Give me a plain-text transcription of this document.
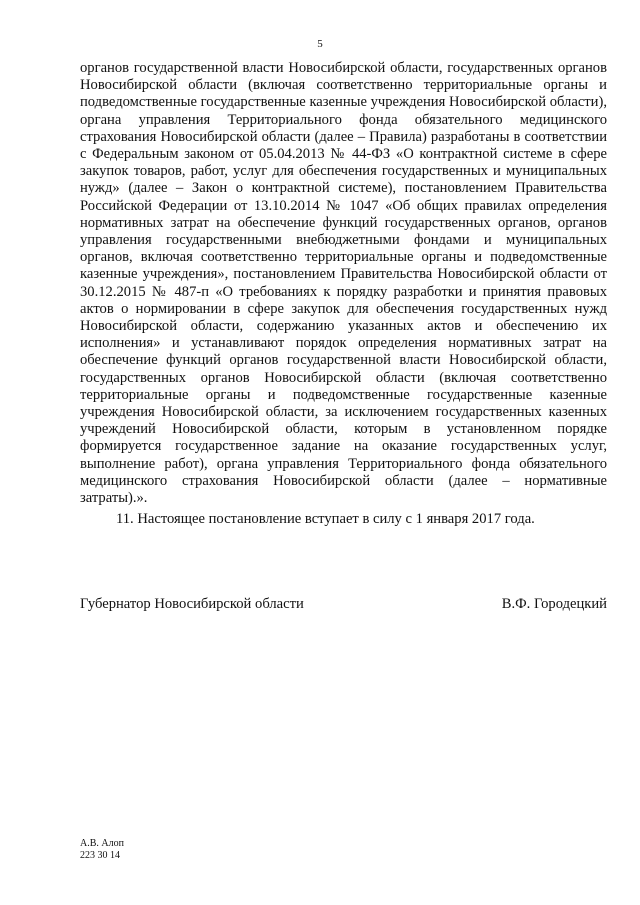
5

органов государственной власти Новосибирской области, государственных органов Новосибирской области (включая соответственно территориальные органы и подведомственные государственные казенные учреждения Новосибирской области), органа управления Территориального фонда обязательного медицинского страхования Новосибирской области (далее – Правила) разработаны в соответствии с Федеральным законом от 05.04.2013 № 44-ФЗ «О контрактной системе в сфере закупок товаров, работ, услуг для обеспечения государственных и муниципальных нужд» (далее – Закон о контрактной системе), постановлением Правительства Российской Федерации от 13.10.2014 № 1047 «Об общих правилах определения нормативных затрат на обеспечение функций государственных органов, органов управления государственными внебюджетными фондами и муниципальных органов, включая соответственно территориальные органы и подведомственные казенные учреждения», постановлением Правительства Новосибирской области от 30.12.2015 № 487-п «О требованиях к порядку разработки и принятия правовых актов о нормировании в сфере закупок для обеспечения государственных нужд Новосибирской области, содержанию указанных актов и обеспечению их исполнения» и устанавливают порядок определения нормативных затрат на обеспечение функций органов государственной власти Новосибирской области, государственных органов Новосибирской области (включая соответственно территориальные органы и подведомственные государственные казенные учреждения Новосибирской области, за исключением государственных казенных учреждений Новосибирской области, которым в установленном порядке формируется государственное задание на оказание государственных услуг, выполнение работ), органа управления Территориального фонда обязательного медицинского страхования Новосибирской области (далее – нормативные затраты).».

11. Настоящее постановление вступает в силу с 1 января 2017 года.

Губернатор Новосибирской области	В.Ф. Городецкий
А.В. Алоп
223 30 14
